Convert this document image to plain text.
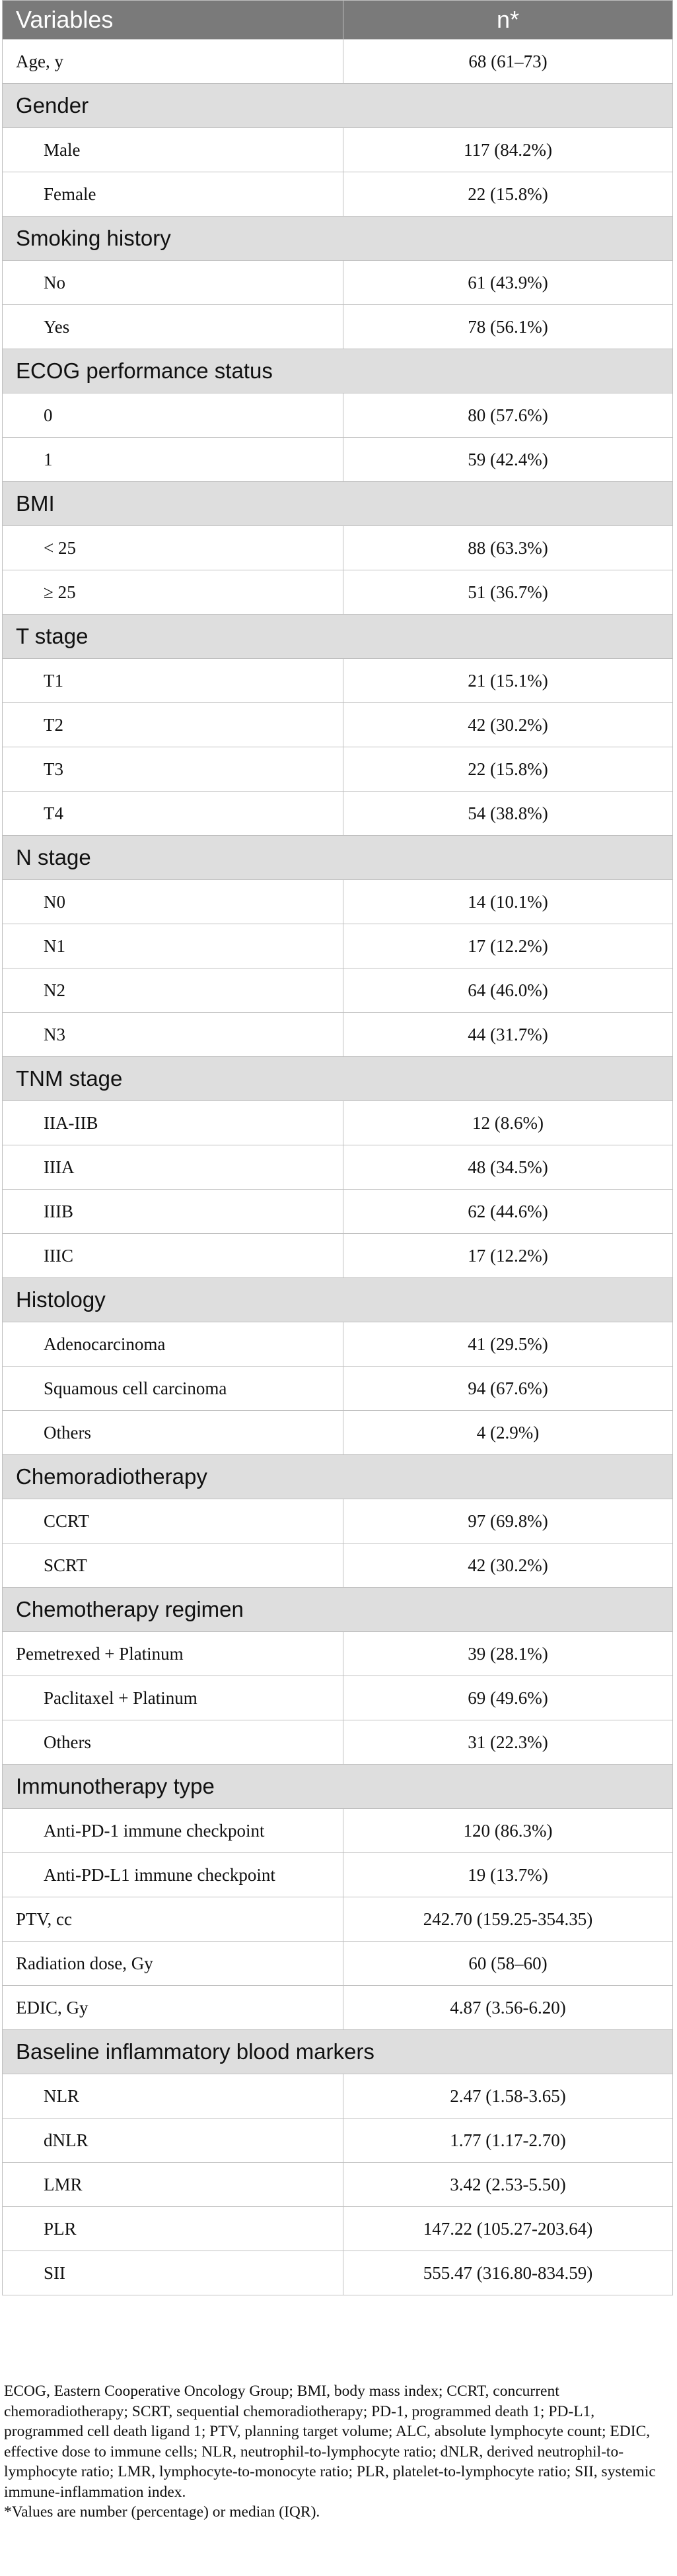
Variables	n*
Age, y	68 (61–73)
Gender	
Male	117 (84.2%)
Female	22 (15.8%)
Smoking history	
No	61 (43.9%)
Yes	78 (56.1%)
ECOG performance status	
0	80 (57.6%)
1	59 (42.4%)
BMI	
< 25	88 (63.3%)
≥ 25	51 (36.7%)
T stage	
T1	21 (15.1%)
T2	42 (30.2%)
T3	22 (15.8%)
T4	54 (38.8%)
N stage	
N0	14 (10.1%)
N1	17 (12.2%)
N2	64 (46.0%)
N3	44 (31.7%)
TNM stage	
IIA-IIB	12 (8.6%)
IIIA	48 (34.5%)
IIIB	62 (44.6%)
IIIC	17 (12.2%)
Histology	
Adenocarcinoma	41 (29.5%)
Squamous cell carcinoma	94 (67.6%)
Others	4 (2.9%)
Chemoradiotherapy	
CCRT	97 (69.8%)
SCRT	42 (30.2%)
Chemotherapy regimen	
Pemetrexed + Platinum	39 (28.1%)
Paclitaxel + Platinum	69 (49.6%)
Others	31 (22.3%)
Immunotherapy type	
Anti-PD-1 immune checkpoint	120 (86.3%)
Anti-PD-L1 immune checkpoint	19 (13.7%)
PTV, cc	242.70 (159.25-354.35)
Radiation dose, Gy	60 (58–60)
EDIC, Gy	4.87 (3.56-6.20)
Baseline inflammatory blood markers	
NLR	2.47 (1.58-3.65)
dNLR	1.77 (1.17-2.70)
LMR	3.42 (2.53-5.50)
PLR	147.22 (105.27-203.64)
SII	555.47 (316.80-834.59)

ECOG, Eastern Cooperative Oncology Group; BMI, body mass index; CCRT, concurrent chemoradiotherapy; SCRT, sequential chemoradiotherapy; PD-1, programmed death 1; PD-L1, programmed cell death ligand 1; PTV, planning target volume; ALC, absolute lymphocyte count; EDIC, effective dose to immune cells; NLR, neutrophil-to-lymphocyte ratio; dNLR, derived neutrophil-to-lymphocyte ratio; LMR, lymphocyte-to-monocyte ratio; PLR, platelet-to-lymphocyte ratio; SII, systemic immune-inflammation index.

*Values are number (percentage) or median (IQR).
